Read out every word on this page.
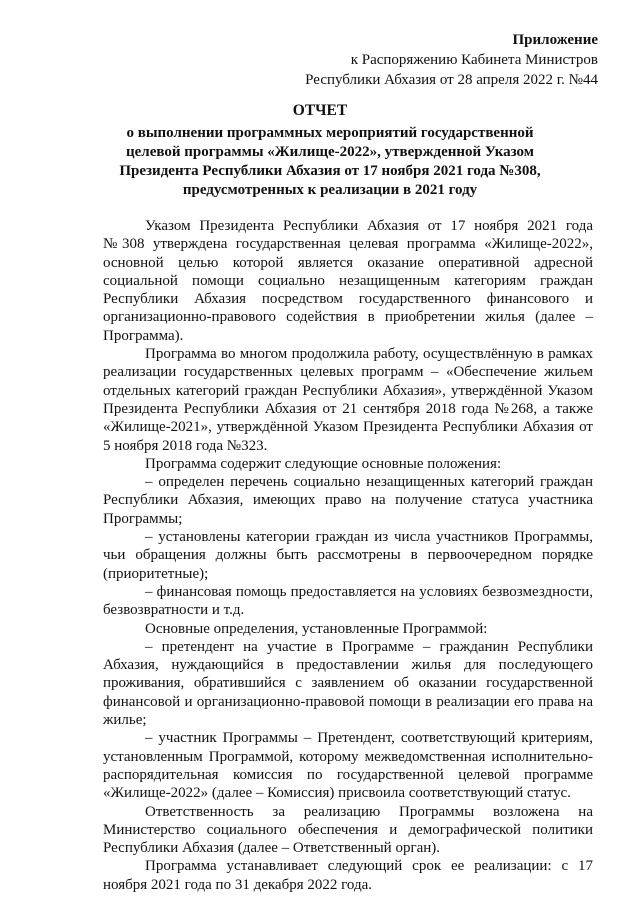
Приложение
к Распоряжению Кабинета Министров
Республики Абхазия от 28 апреля 2022 г. №44
ОТЧЕТ
о выполнении программных мероприятий государственной целевой программы «Жилище-2022», утвержденной Указом Президента Республики Абхазия от 17 ноября 2021 года №308, предусмотренных к реализации в 2021 году

Указом Президента Республики Абхазия от 17 ноября 2021 года №308 утверждена государственная целевая программа «Жилище-2022», основной целью которой является оказание оперативной адресной социальной помощи социально незащищенным категориям граждан Республики Абхазия посредством государственного финансового и организационно-правового содействия в приобретении жилья (далее – Программа).

Программа во многом продолжила работу, осуществлённую в рамках реализации государственных целевых программ – «Обеспечение жильем отдельных категорий граждан Республики Абхазия», утверждённой Указом Президента Республики Абхазия от 21 сентября 2018 года №268, а также «Жилище-2021», утверждённой Указом Президента Республики Абхазия от 5 ноября 2018 года №323.

Программа содержит следующие основные положения:

– определен перечень социально незащищенных категорий граждан Республики Абхазия, имеющих право на получение статуса участника Программы;

– установлены категории граждан из числа участников Программы, чьи обращения должны быть рассмотрены в первоочередном порядке (приоритетные);

– финансовая помощь предоставляется на условиях безвозмездности, безвозвратности и т.д.

Основные определения, установленные Программой:

– претендент на участие в Программе – гражданин Республики Абхазия, нуждающийся в предоставлении жилья для последующего проживания, обратившийся с заявлением об оказании государственной финансовой и организационно-правовой помощи в реализации его права на жилье;

– участник Программы – Претендент, соответствующий критериям, установленным Программой, которому межведомственная исполнительно-распорядительная комиссия по государственной целевой программе «Жилище-2022» (далее – Комиссия) присвоила соответствующий статус.

Ответственность за реализацию Программы возложена на Министерство социального обеспечения и демографической политики Республики Абхазия (далее – Ответственный орган).

Программа устанавливает следующий срок ее реализации: с 17 ноября 2021 года по 31 декабря 2022 года.
